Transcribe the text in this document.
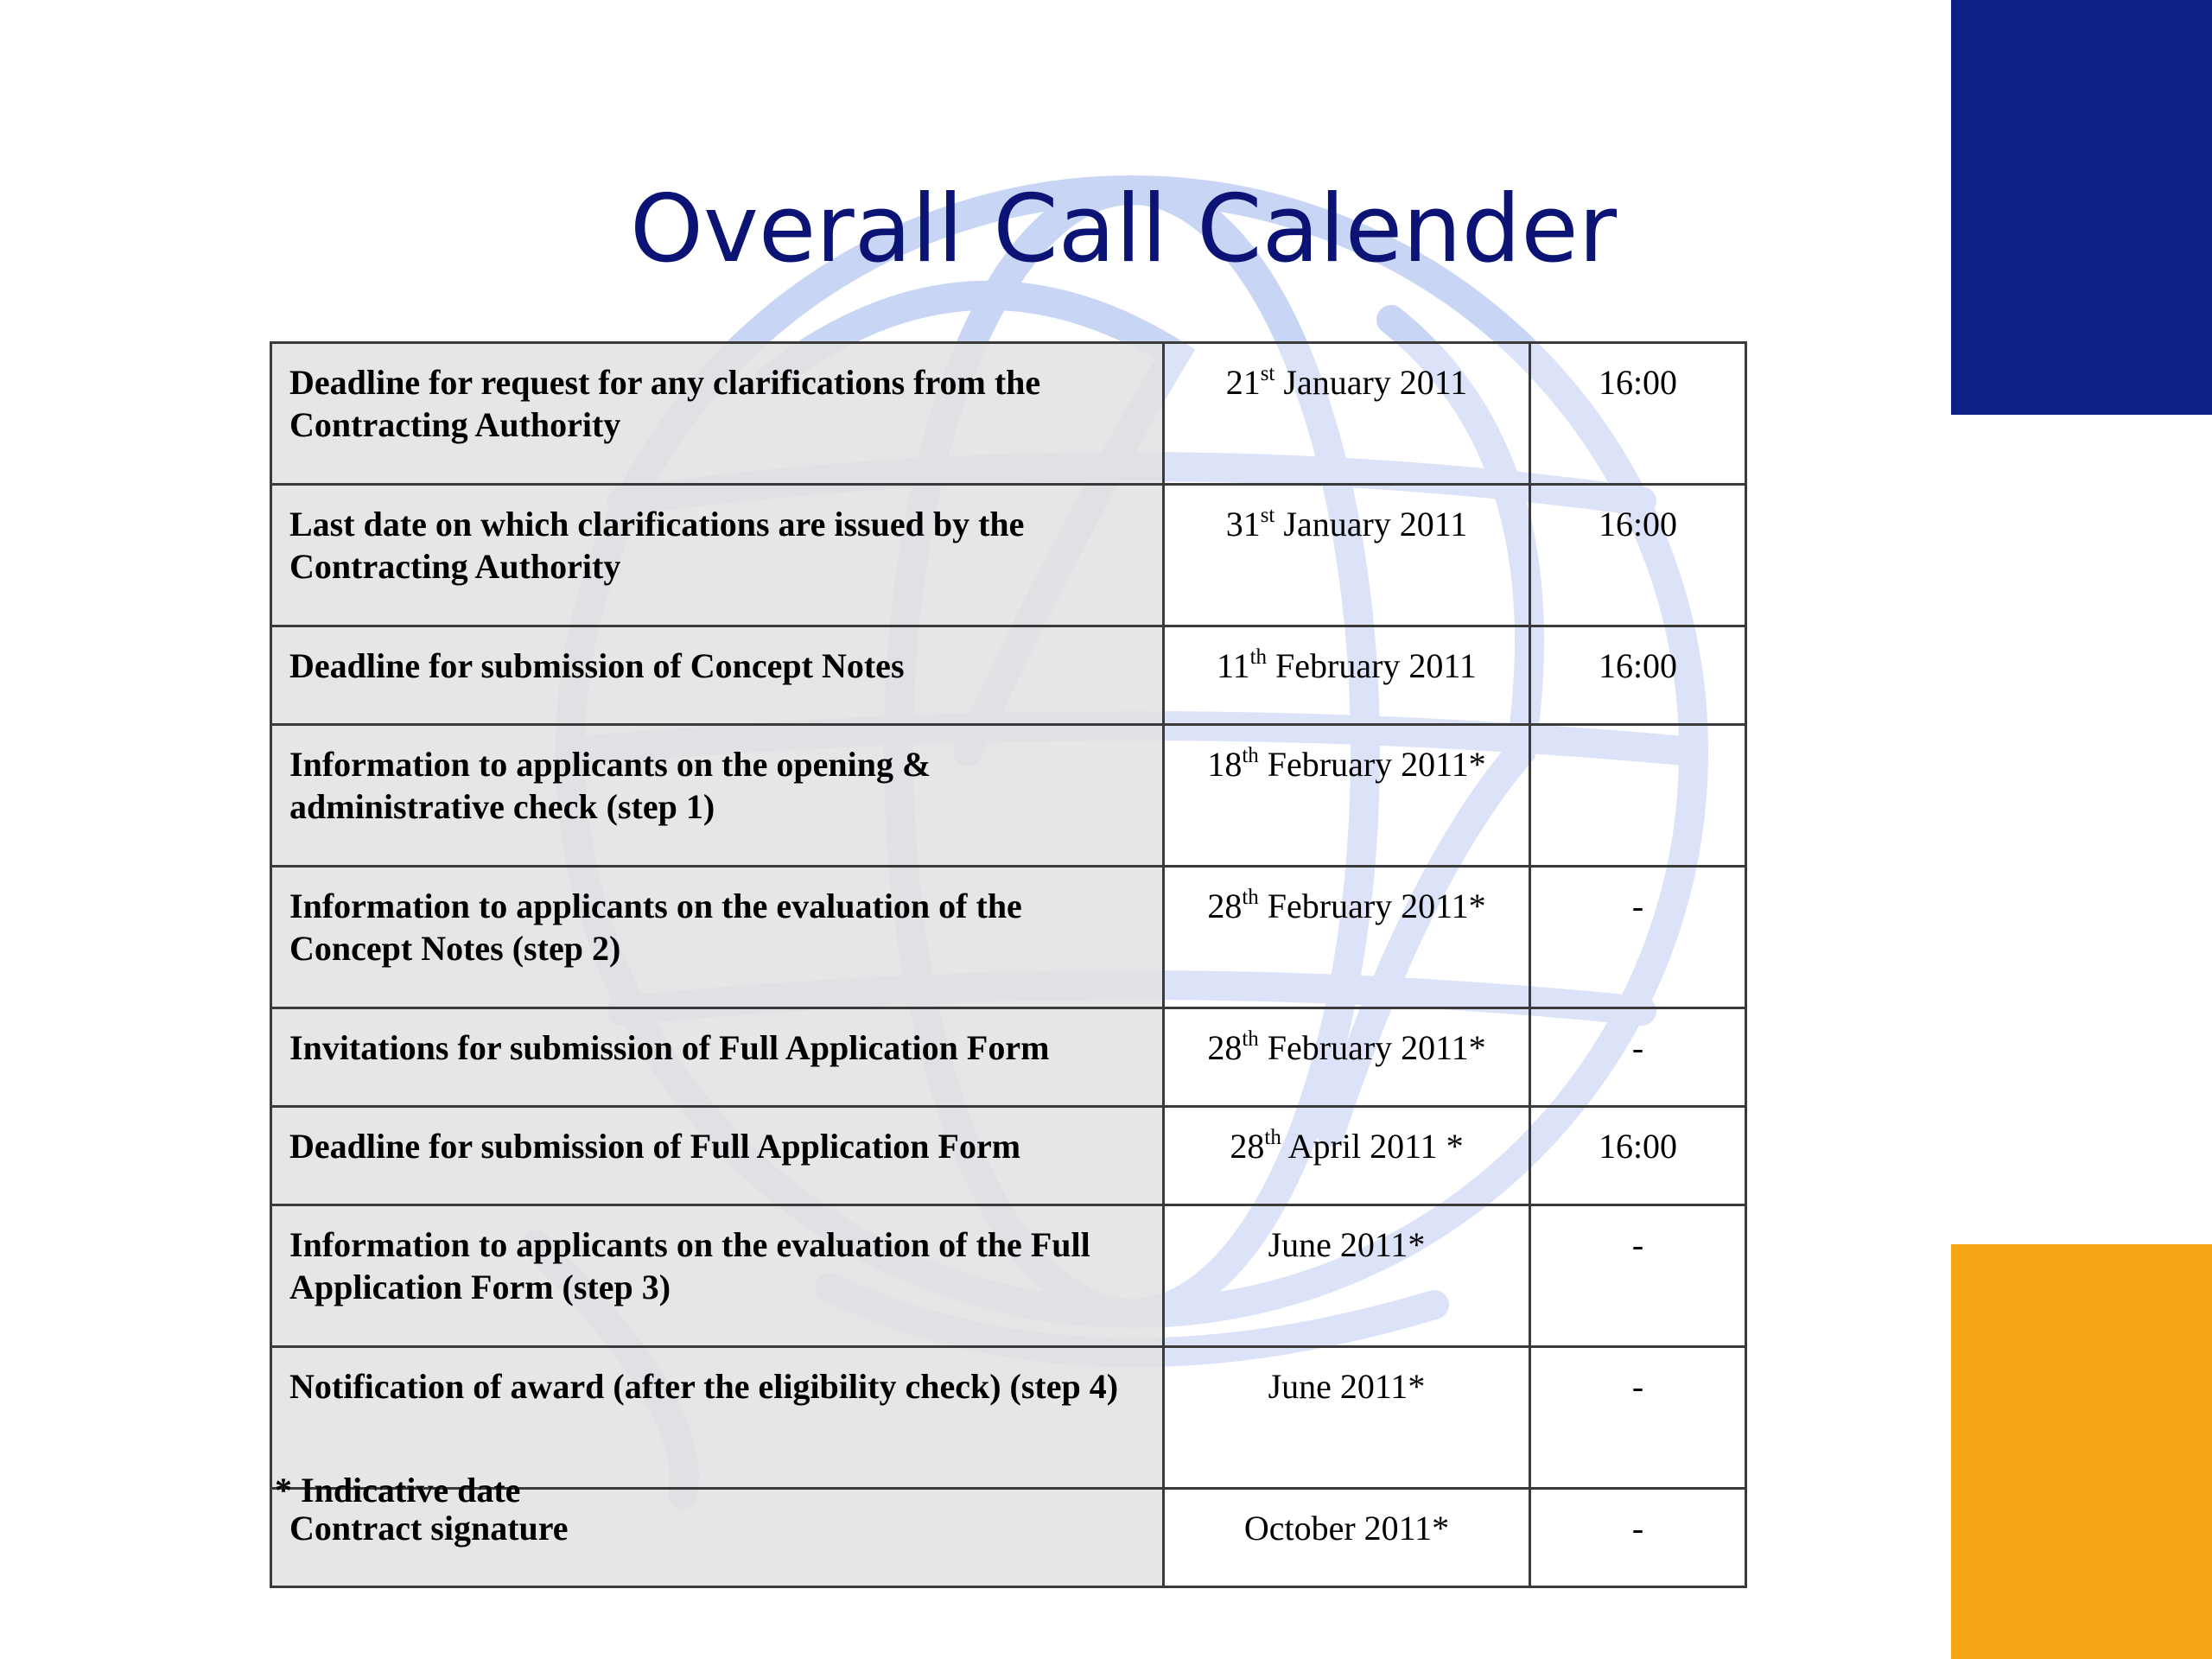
Overall Call Calender
Deadline for request for any clarifications from the Contracting Authority	21st January 2011	16:00
Last date on which clarifications are issued by the Contracting Authority	31st January 2011	16:00
Deadline for submission of Concept Notes	11th February 2011	16:00
Information to applicants on the opening & administrative check (step 1)	18th February 2011*	
Information to applicants on the evaluation of the Concept Notes (step 2)	28th February 2011*	-
Invitations for submission of Full Application Form	28th February 2011*	-
Deadline for submission of Full Application Form	28th April 2011 *	16:00
Information to applicants on the evaluation of the Full Application Form (step 3)	June 2011*	-
Notification of award (after the eligibility check) (step 4)	June 2011*	-
Contract signature	October 2011*	-

* Indicative date
